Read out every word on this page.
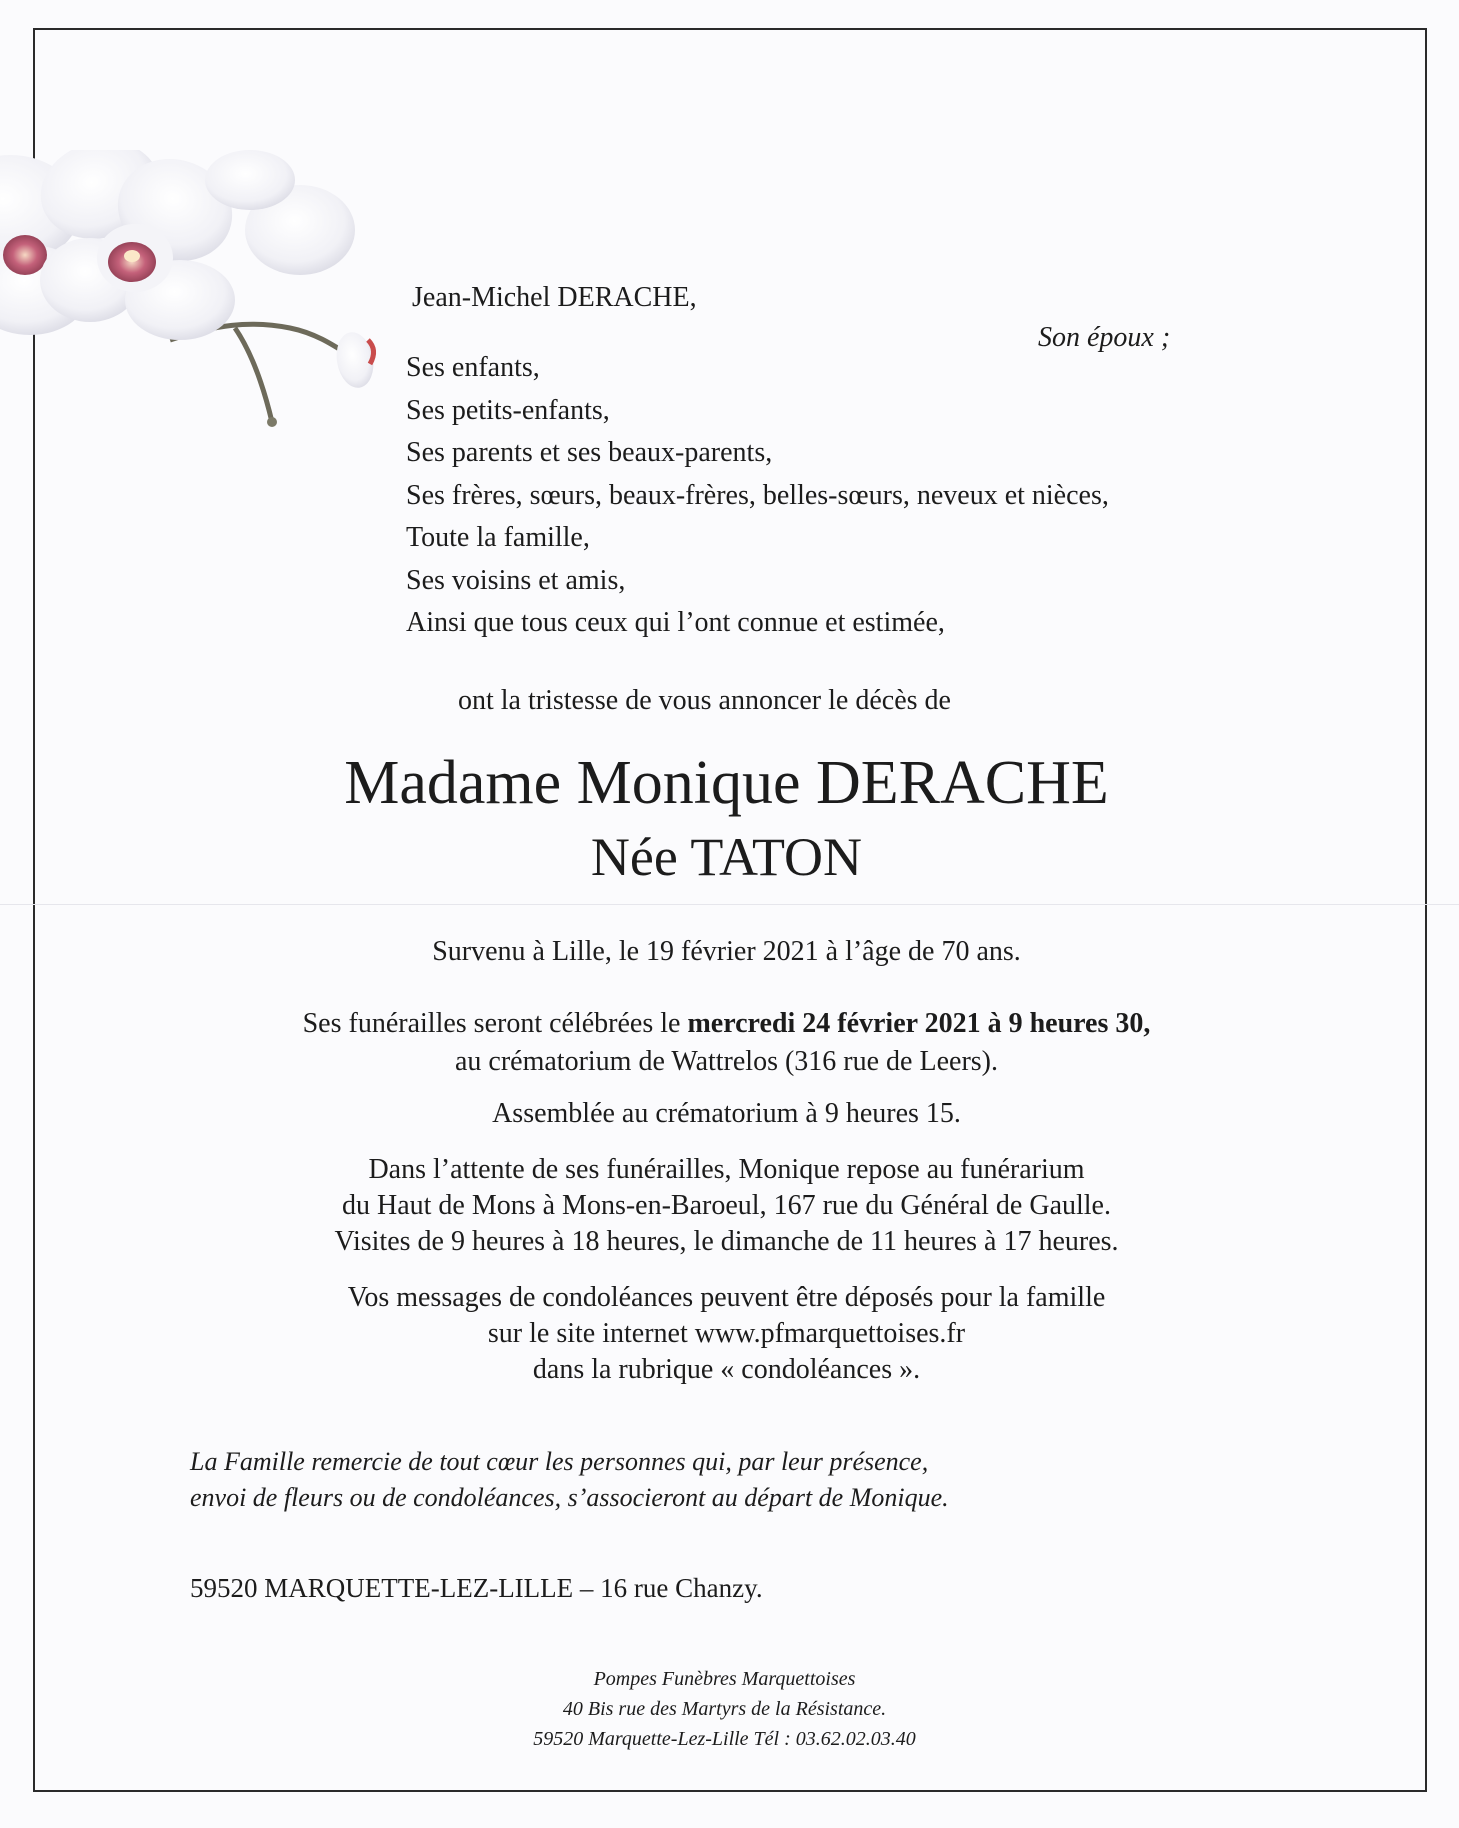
Jean-Michel DERACHE,

Son époux ;

Ses enfants,
Ses petits-enfants,
Ses parents et ses beaux-parents,
Ses frères, sœurs, beaux-frères, belles-sœurs, neveux et nièces,
Toute la famille,
Ses voisins et amis,
Ainsi que tous ceux qui l’ont connue et estimée,

ont la tristesse de vous annoncer le décès de

Madame Monique DERACHE

Née TATON

Survenu à Lille, le 19 février 2021 à l’âge de 70 ans.

Ses funérailles seront célébrées le mercredi 24 février 2021 à 9 heures 30,

au crématorium de Wattrelos (316 rue de Leers).

Assemblée au crématorium à 9 heures 15.

Dans l’attente de ses funérailles, Monique repose au funérarium
du Haut de Mons à Mons-en-Baroeul, 167 rue du Général de Gaulle.
Visites de 9 heures à 18 heures, le dimanche de 11 heures à 17 heures.
Vos messages de condoléances peuvent être déposés pour la famille
sur le site internet www.pfmarquettoises.fr
dans la rubrique « condoléances ».
La Famille remercie de tout cœur les personnes qui, par leur présence,
envoi de fleurs ou de condoléances, s’associeront au départ de Monique.

59520 MARQUETTE-LEZ-LILLE – 16 rue Chanzy.

Pompes Funèbres Marquettoises
40 Bis rue des Martyrs de la Résistance.
59520 Marquette-Lez-Lille Tél : 03.62.02.03.40
